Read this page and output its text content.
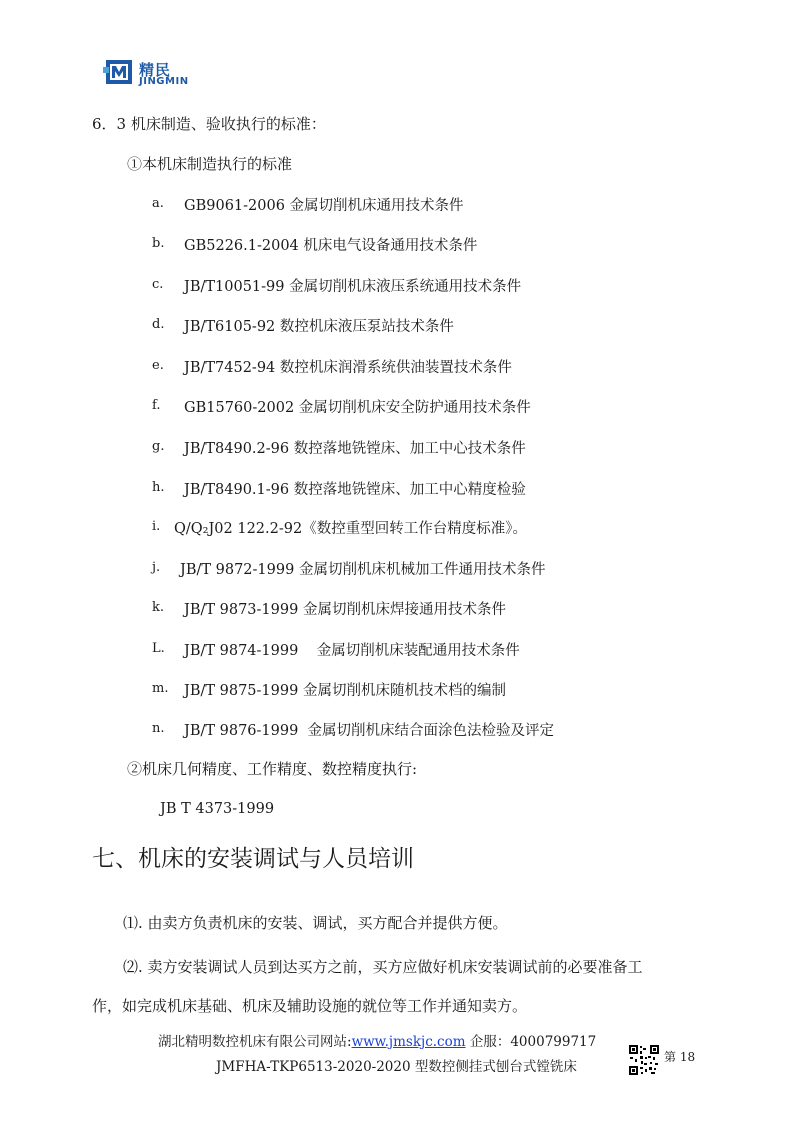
精民
JINGMIN
6．3 机床制造、验收执行的标准：
①本机床制造执行的标准
a. GB9061-2006 金属切削机床通用技术条件
b. GB5226.1-2004 机床电气设备通用技术条件
c. JB/T10051-99 金属切削机床液压系统通用技术条件
d. JB/T6105-92 数控机床液压泵站技术条件
e. JB/T7452-94 数控机床润滑系统供油装置技术条件
f. GB15760-2002 金属切削机床安全防护通用技术条件
g. JB/T8490.2-96 数控落地铣镗床、加工中心技术条件
h. JB/T8490.1-96 数控落地铣镗床、加工中心精度检验
i. Q/Q₂J02 122.2-92《数控重型回转工作台精度标准》。
j. JB/T 9872-1999 金属切削机床机械加工件通用技术条件
k. JB/T 9873-1999 金属切削机床焊接通用技术条件
L. JB/T 9874-1999    金属切削机床装配通用技术条件
m. JB/T 9875-1999 金属切削机床随机技术档的编制
n. JB/T 9876-1999  金属切削机床结合面涂色法检验及评定
②机床几何精度、工作精度、数控精度执行:
JB T 4373-1999
七、机床的安装调试与人员培训
⑴. 由卖方负责机床的安装、调试，买方配合并提供方便。
⑵. 卖方安装调试人员到达买方之前，买方应做好机床安装调试前的必要准备工
作，如完成机床基础、机床及辅助设施的就位等工作并通知卖方。
湖北精明数控机床有限公司网站:www.jmskjc.com 企服：4000799717
JMFHA-TKP6513-2020-2020 型数控侧挂式刨台式镗铣床
第 18
